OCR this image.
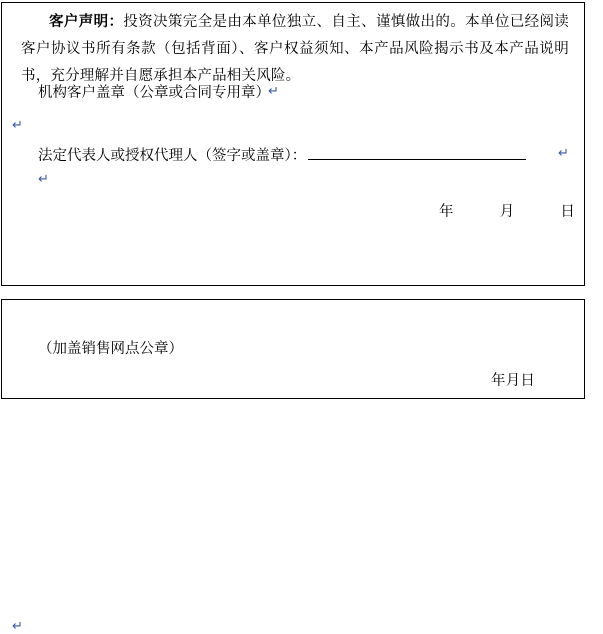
客户声明：投资决策完全是由本单位独立、自主、谨慎做出的。本单位已经阅读客户协议书所有条款（包括背面）、客户权益须知、本产品风险揭示书及本产品说明书，充分理解并自愿承担本产品相关风险。
机构客户盖章（公章或合同专用章）
↵
↵
法定代表人或授权代理人（签字或盖章）：	↵
↵
年	月	日
↵
（加盖销售网点公章）
年月日
